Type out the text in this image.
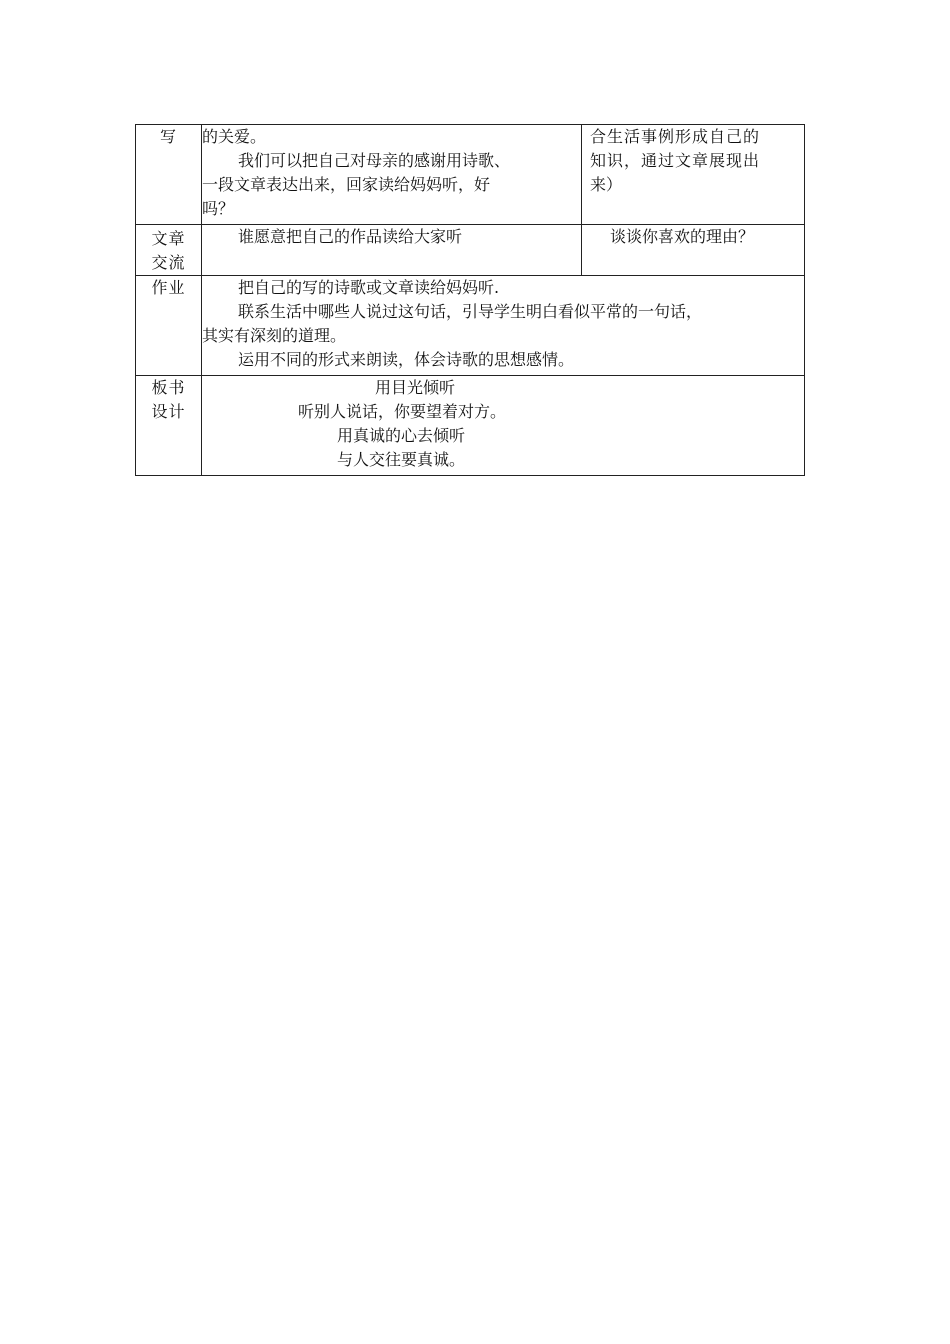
写	的关爱。
我们可以把自己对母亲的感谢用诗歌、
一段文章表达出来，回家读给妈妈听，好
吗？	合生活事例形成自己的
知识，通过文章展现出
来）

文章
交流	谁愿意把自己的作品读给大家听	谈谈你喜欢的理由？

作业	把自己的写的诗歌或文章读给妈妈听.
联系生活中哪些人说过这句话，引导学生明白看似平常的一句话，
其实有深刻的道理。
运用不同的形式来朗读，体会诗歌的思想感情。	

板书
设计	用目光倾听
听别人说话，你要望着对方。
用真诚的心去倾听
与人交往要真诚。	
